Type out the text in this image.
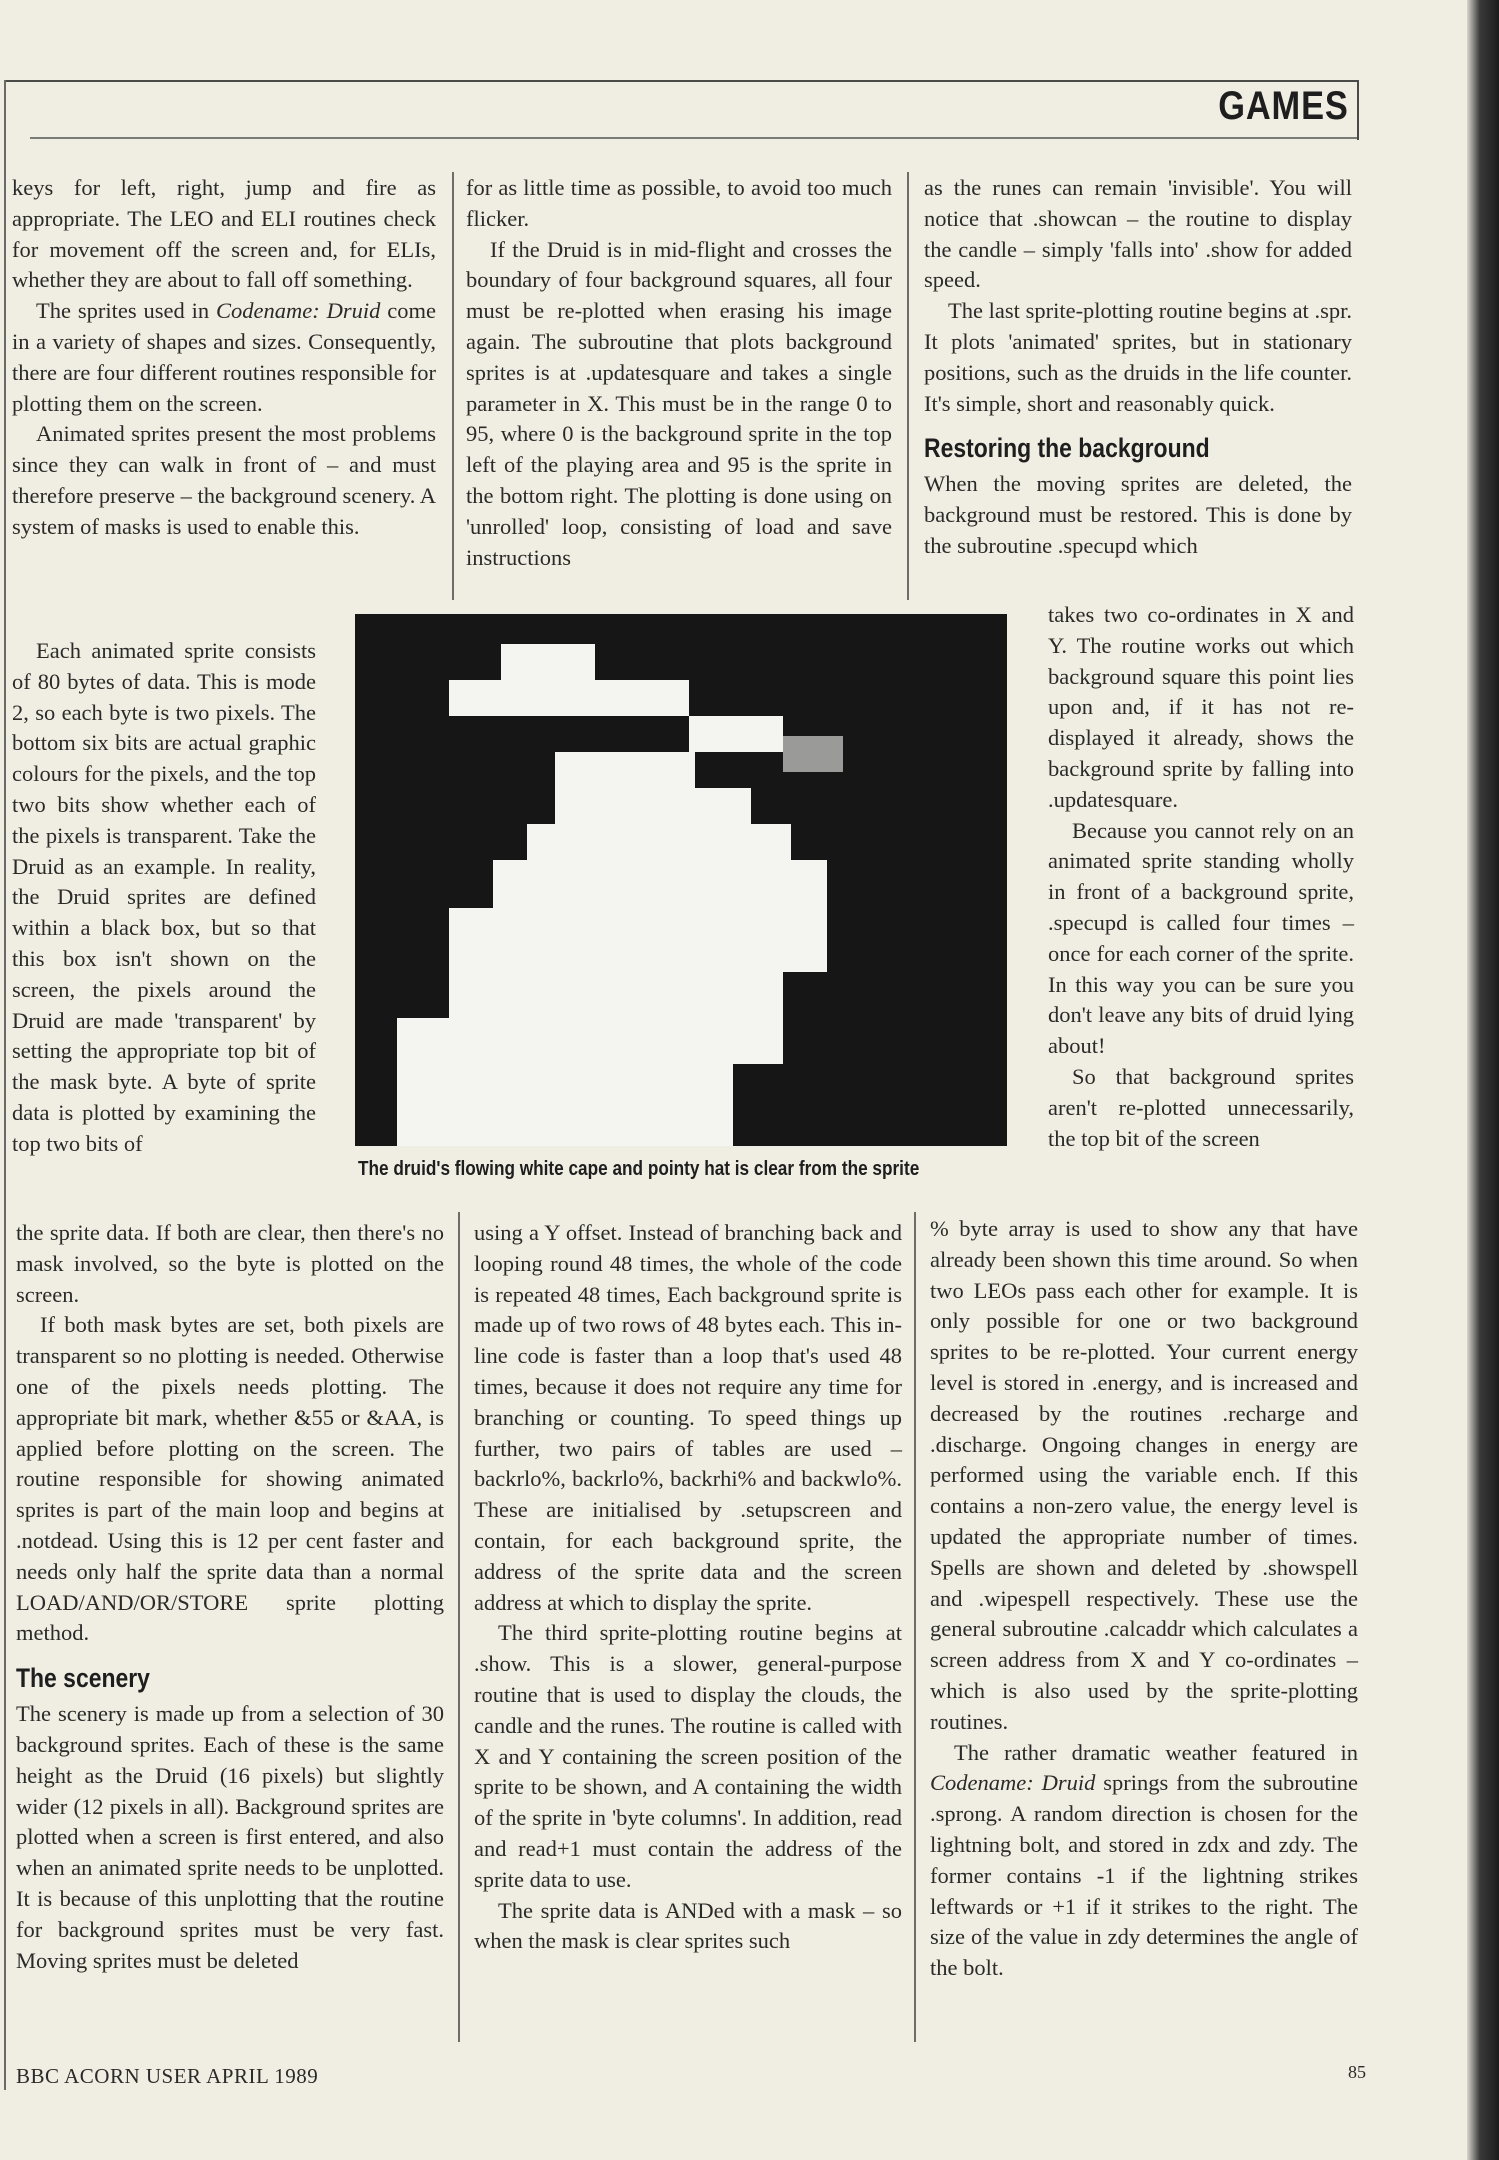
GAMES

keys for left, right, jump and fire as appropriate. The LEO and ELI routines check for movement off the screen and, for ELIs, whether they are about to fall off something.

The sprites used in Codename: Druid come in a variety of shapes and sizes. Consequently, there are four different routines responsible for plotting them on the screen.

Animated sprites present the most problems since they can walk in front of – and must therefore preserve – the background scenery. A system of masks is used to enable this.

Each animated sprite consists of 80 bytes of data. This is mode 2, so each byte is two pixels. The bottom six bits are actual graphic colours for the pixels, and the top two bits show whether each of the pixels is transparent. Take the Druid as an example. In reality, the Druid sprites are defined within a black box, but so that this box isn't shown on the screen, the pixels around the Druid are made 'transparent' by setting the appropriate top bit of the mask byte. A byte of sprite data is plotted by examining the top two bits of

the sprite data. If both are clear, then there's no mask involved, so the byte is plotted on the screen.

If both mask bytes are set, both pixels are transparent so no plotting is needed. Otherwise one of the pixels needs plotting. The appropriate bit mark, whether &55 or &AA, is applied before plotting on the screen. The routine responsible for showing animated sprites is part of the main loop and begins at .notdead. Using this is 12 per cent faster and needs only half the sprite data than a normal LOAD/AND/OR/STORE sprite plotting method.

The scenery

The scenery is made up from a selection of 30 background sprites. Each of these is the same height as the Druid (16 pixels) but slightly wider (12 pixels in all). Background sprites are plotted when a screen is first entered, and also when an animated sprite needs to be unplotted. It is because of this unplotting that the routine for background sprites must be very fast. Moving sprites must be deleted

for as little time as possible, to avoid too much flicker.

If the Druid is in mid-flight and crosses the boundary of four background squares, all four must be re-plotted when erasing his image again. The subroutine that plots background sprites is at .updatesquare and takes a single parameter in X. This must be in the range 0 to 95, where 0 is the background sprite in the top left of the playing area and 95 is the sprite in the bottom right. The plotting is done using on 'unrolled' loop, consisting of load and save instructions

using a Y offset. Instead of branching back and looping round 48 times, the whole of the code is repeated 48 times, Each background sprite is made up of two rows of 48 bytes each. This in-line code is faster than a loop that's used 48 times, because it does not require any time for branching or counting. To speed things up further, two pairs of tables are used – backrlo%, backrlo%, backrhi% and backwlo%. These are initialised by .setupscreen and contain, for each background sprite, the address of the sprite data and the screen address at which to display the sprite.

The third sprite-plotting routine begins at .show. This is a slower, general-purpose routine that is used to display the clouds, the candle and the runes. The routine is called with X and Y containing the screen position of the sprite to be shown, and A containing the width of the sprite in 'byte columns'. In addition, read and read+1 must contain the address of the sprite data to use.

The sprite data is ANDed with a mask – so when the mask is clear sprites such

as the runes can remain 'invisible'. You will notice that .showcan – the routine to display the candle – simply 'falls into' .show for added speed.

The last sprite-plotting routine begins at .spr. It plots 'animated' sprites, but in stationary positions, such as the druids in the life counter. It's simple, short and reasonably quick.

Restoring the background

When the moving sprites are deleted, the background must be restored. This is done by the subroutine .specupd which

takes two co-ordinates in X and Y. The routine works out which background square this point lies upon and, if it has not re-displayed it already, shows the background sprite by falling into .updatesquare.

Because you cannot rely on an animated sprite standing wholly in front of a background sprite, .specupd is called four times – once for each corner of the sprite. In this way you can be sure you don't leave any bits of druid lying about!

So that background sprites aren't re-plotted unnecessarily, the top bit of the screen

% byte array is used to show any that have already been shown this time around. So when two LEOs pass each other for example. It is only possible for one or two background sprites to be re-plotted. Your current energy level is stored in .energy, and is increased and decreased by the routines .recharge and .discharge. Ongoing changes in energy are performed using the variable ench. If this contains a non-zero value, the energy level is updated the appropriate number of times. Spells are shown and deleted by .showspell and .wipespell respectively. These use the general subroutine .calcaddr which calculates a screen address from X and Y co-ordinates – which is also used by the sprite-plotting routines.

The rather dramatic weather featured in Codename: Druid springs from the subroutine .sprong. A random direction is chosen for the lightning bolt, and stored in zdx and zdy. The former contains -1 if the lightning strikes leftwards or +1 if it strikes to the right. The size of the value in zdy determines the angle of the bolt.

The druid's flowing white cape and pointy hat is clear from the sprite
BBC ACORN USER APRIL 1989	85
